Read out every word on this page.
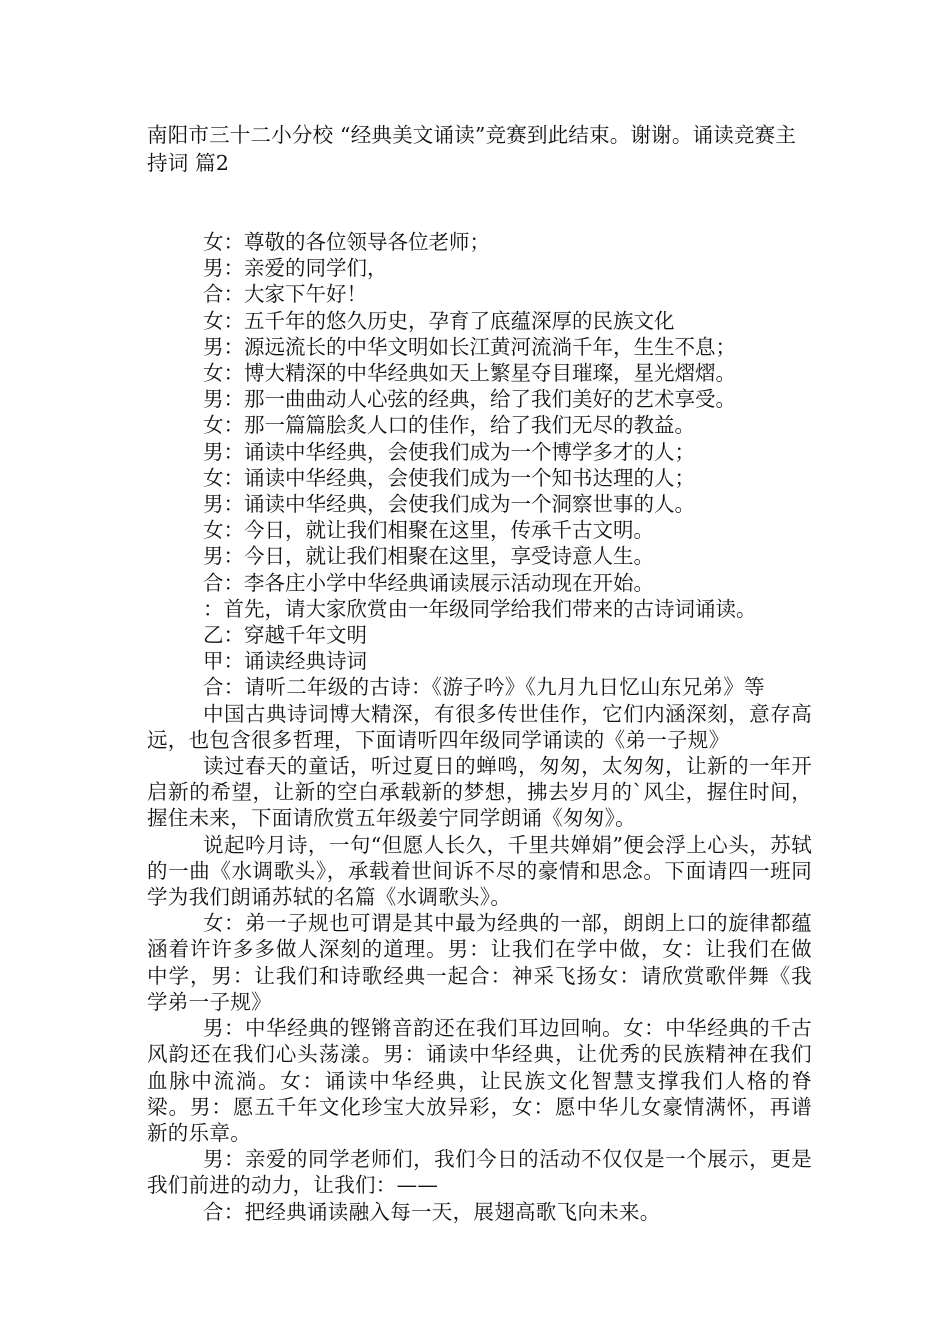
南阳市三十二小分校 “经典美文诵读”竞赛到此结束。谢谢。诵读竞赛主持词 篇2
女：尊敬的各位领导各位老师；
男：亲爱的同学们，
合：大家下午好！
女：五千年的悠久历史，孕育了底蕴深厚的民族文化
男：源远流长的中华文明如长江黄河流淌千年，生生不息；
女：博大精深的中华经典如天上繁星夺目璀璨，星光熠熠。
男：那一曲曲动人心弦的经典，给了我们美好的艺术享受。
女：那一篇篇脍炙人口的佳作，给了我们无尽的教益。
男：诵读中华经典，会使我们成为一个博学多才的人；
女：诵读中华经典，会使我们成为一个知书达理的人；
男：诵读中华经典，会使我们成为一个洞察世事的人。
女：今日，就让我们相聚在这里，传承千古文明。
男：今日，就让我们相聚在这里，享受诗意人生。
合：李各庄小学中华经典诵读展示活动现在开始。
：首先，请大家欣赏由一年级同学给我们带来的古诗词诵读。
乙：穿越千年文明
甲：诵读经典诗词
合：请听二年级的古诗：《游子吟》《九月九日忆山东兄弟》等
中国古典诗词博大精深，有很多传世佳作，它们内涵深刻，意存高远，也包含很多哲理，下面请听四年级同学诵读的《弟一子规》
读过春天的童话，听过夏日的蝉鸣，匆匆，太匆匆，让新的一年开启新的希望，让新的空白承载新的梦想，拂去岁月的`风尘，握住时间，握住未来，下面请欣赏五年级姜宁同学朗诵《匆匆》。
说起吟月诗，一句“但愿人长久，千里共婵娟”便会浮上心头，苏轼的一曲《水调歌头》，承载着世间诉不尽的豪情和思念。下面请四一班同学为我们朗诵苏轼的名篇《水调歌头》。
女：弟一子规也可谓是其中最为经典的一部，朗朗上口的旋律都蕴涵着许许多多做人深刻的道理。男：让我们在学中做，女：让我们在做中学，男：让我们和诗歌经典一起合：神采飞扬女：请欣赏歌伴舞《我学弟一子规》
男：中华经典的铿锵音韵还在我们耳边回响。女：中华经典的千古风韵还在我们心头荡漾。男：诵读中华经典，让优秀的民族精神在我们血脉中流淌。女：诵读中华经典，让民族文化智慧支撑我们人格的脊梁。男：愿五千年文化珍宝大放异彩，女：愿中华儿女豪情满怀，再谱新的乐章。
男：亲爱的同学老师们，我们今日的活动不仅仅是一个展示，更是我们前进的动力，让我们：——
合：把经典诵读融入每一天，展翅高歌飞向未来。
